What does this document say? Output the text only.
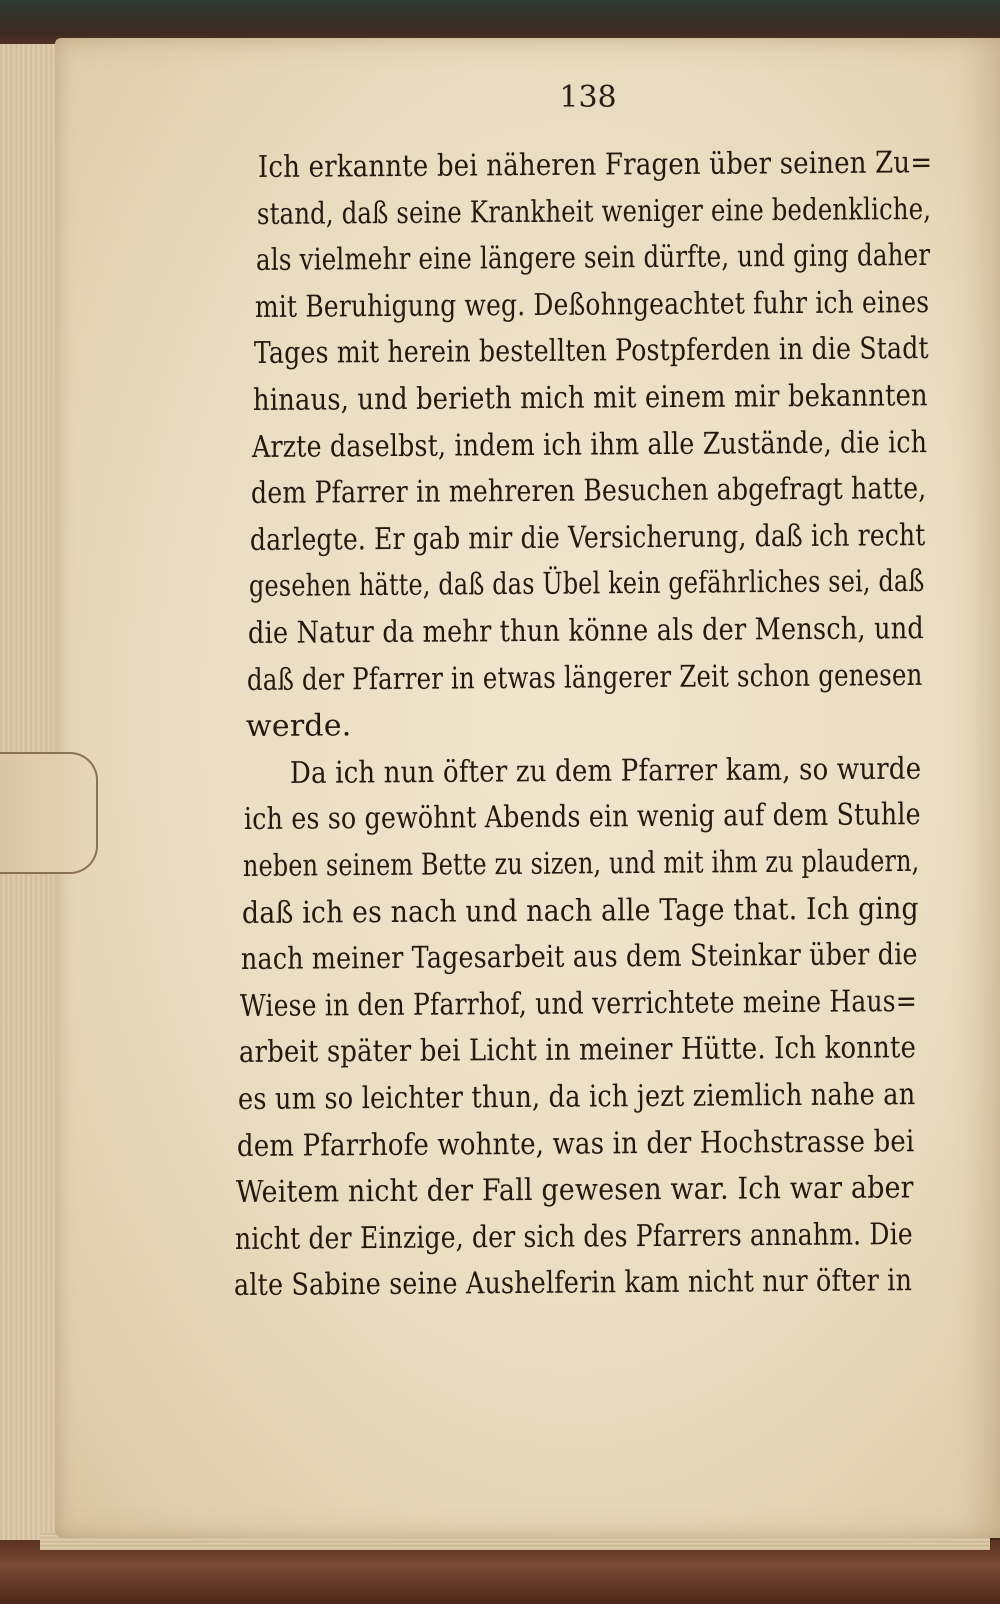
138
Ich erkannte bei näheren Fragen über seinen Zu=
stand, daß seine Krankheit weniger eine bedenkliche,
als vielmehr eine längere sein dürfte, und ging daher
mit Beruhigung weg. Deßohngeachtet fuhr ich eines
Tages mit herein bestellten Postpferden in die Stadt
hinaus, und berieth mich mit einem mir bekannten
Arzte daselbst, indem ich ihm alle Zustände, die ich
dem Pfarrer in mehreren Besuchen abgefragt hatte,
darlegte. Er gab mir die Versicherung, daß ich recht
gesehen hätte, daß das Übel kein gefährliches sei, daß
die Natur da mehr thun könne als der Mensch, und
daß der Pfarrer in etwas längerer Zeit schon genesen
werde.
Da ich nun öfter zu dem Pfarrer kam, so wurde
ich es so gewöhnt Abends ein wenig auf dem Stuhle
neben seinem Bette zu sizen, und mit ihm zu plaudern,
daß ich es nach und nach alle Tage that. Ich ging
nach meiner Tagesarbeit aus dem Steinkar über die
Wiese in den Pfarrhof, und verrichtete meine Haus=
arbeit später bei Licht in meiner Hütte. Ich konnte
es um so leichter thun, da ich jezt ziemlich nahe an
dem Pfarrhofe wohnte, was in der Hochstrasse bei
Weitem nicht der Fall gewesen war. Ich war aber
nicht der Einzige, der sich des Pfarrers annahm. Die
alte Sabine seine Aushelferin kam nicht nur öfter in
